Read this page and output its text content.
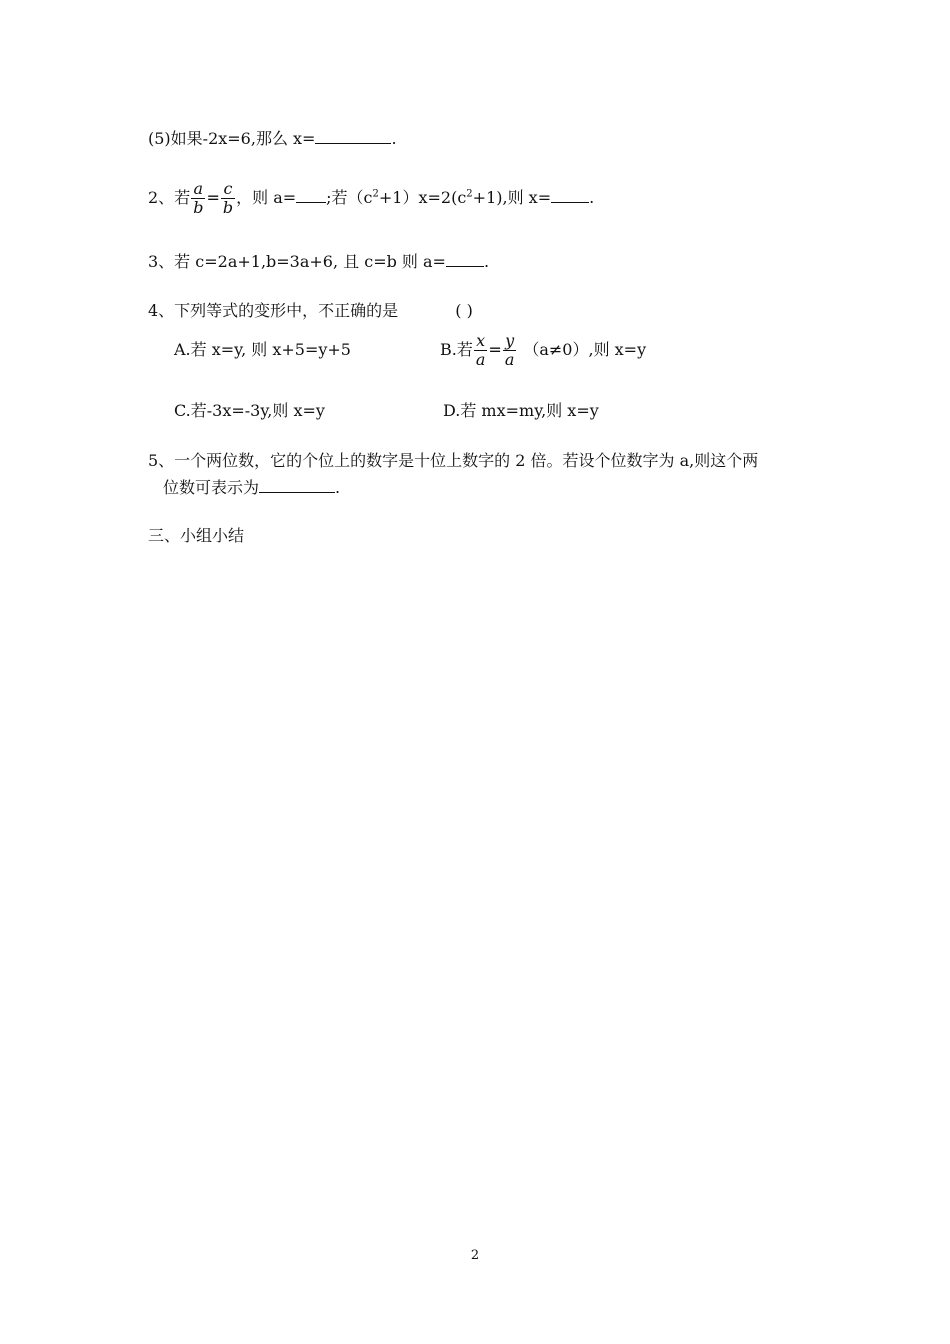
(5)如果-2x=6,那么 x=	.
2、若 $\frac{a}{b} = \frac{c}{b}$ ，则 a= ;若$(c^2+1)x=2(c^2+1)$,则 x= .
3、若 c=2a+1,b=3a+6, 且 c=b 则 a= .
4、下列等式的变形中，不正确的是	( )
A.若 x=y, 则 x+5=y+5	B.若 $\frac{x}{a} = \frac{y}{a} (a\ne 0)$,则 x=y
C.若-3x=-3y,则 x=y	D.若 mx=my,则 x=y
5、一个两位数，它的个位上的数字是十位上数字的 2 倍。若设个位数字为 a,则这个两
位数可表示为	.
三、小组小结
2
